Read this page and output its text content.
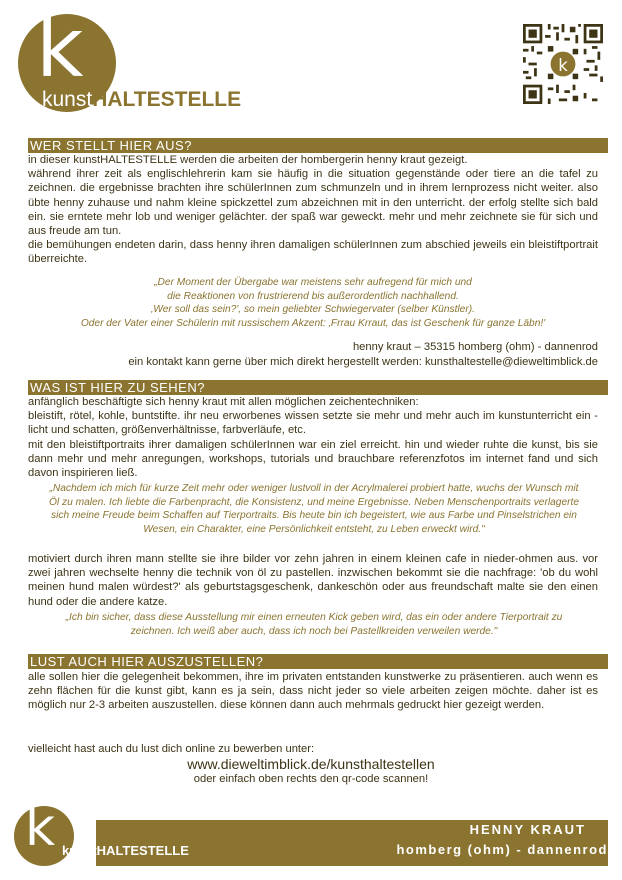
k
kunstHALTESTELLE
k
WER STELLT HIER AUS?

in dieser kunstHALTESTELLE werden die arbeiten der hombergerin henny kraut gezeigt.

während ihrer zeit als englischlehrerin kam sie häufig in die situation gegenstände oder tiere an die tafel zu zeichnen. die ergebnisse brachten ihre schülerInnen zum schmunzeln und in ihrem lernprozess nicht weiter. also übte henny zuhause und nahm kleine spickzettel zum abzeichnen mit in den unterricht. der erfolg stellte sich bald ein. sie erntete mehr lob und weniger gelächter. der spaß war geweckt. mehr und mehr zeichnete sie für sich und aus freude am tun.

die bemühungen endeten darin, dass henny ihren damaligen schülerInnen zum abschied jeweils ein bleistiftportrait überreichte.

„Der Moment der Übergabe war meistens sehr aufregend für mich und

die Reaktionen von frustrierend bis außerordentlich nachhallend.

‚Wer soll das sein?', so mein geliebter Schwiegervater (selber Künstler).

Oder der Vater einer Schülerin mit russischem Akzent: ‚Frrau Krraut, das ist Geschenk für ganze Läbn!'

henny kraut – 35315 homberg (ohm) - dannenrod
ein kontakt kann gerne über mich direkt hergestellt werden: kunsthaltestelle@dieweltimblick.de
WAS IST HIER ZU SEHEN?

anfänglich beschäftigte sich henny kraut mit allen möglichen zeichentechniken:

bleistift, rötel, kohle, buntstifte. ihr neu erworbenes wissen setzte sie mehr und mehr auch im kunstunterricht ein - licht und schatten, größenverhältnisse, farbverläufe, etc.

mit den bleistiftportraits ihrer damaligen schülerInnen war ein ziel erreicht. hin und wieder ruhte die kunst, bis sie dann mehr und mehr anregungen, workshops, tutorials und brauchbare referenzfotos im internet fand und sich davon inspirieren ließ.

„Nachdem ich mich für kurze Zeit mehr oder weniger lustvoll in der Acrylmalerei probiert hatte, wuchs der Wunsch mit Öl zu malen. Ich liebte die Farbenpracht, die Konsistenz, und meine Ergebnisse. Neben Menschenportraits verlagerte sich meine Freude beim Schaffen auf Tierportraits. Bis heute bin ich begeistert, wie aus Farbe und Pinselstrichen ein Wesen, ein Charakter, eine Persönlichkeit entsteht, zu Leben erweckt wird."
motiviert durch ihren mann stellte sie ihre bilder vor zehn jahren in einem kleinen cafe in nieder-ohmen aus. vor zwei jahren wechselte henny die technik von öl zu pastellen. inzwischen bekommt sie die nachfrage: 'ob du wohl meinen hund malen würdest?' als geburtstagsgeschenk, dankeschön oder aus freundschaft malte sie den einen hund oder die andere katze.
„Ich bin sicher, dass diese Ausstellung mir einen erneuten Kick geben wird, das ein oder andere Tierportrait zu zeichnen. Ich weiß aber auch, dass ich noch bei Pastellkreiden verweilen werde."
LUST AUCH HIER AUSZUSTELLEN?
alle sollen hier die gelegenheit bekommen, ihre im privaten entstanden kunstwerke zu präsentieren. auch wenn es zehn flächen für die kunst gibt, kann es ja sein, dass nicht jeder so viele arbeiten zeigen möchte. daher ist es möglich nur 2-3 arbeiten auszustellen. diese können dann auch mehrmals gedruckt hier gezeigt werden.
vielleicht hast auch du lust dich online zu bewerben unter:
www.dieweltimblick.de/kunsthaltestellen
oder einfach oben rechts den qr-code scannen!
k kunstHALTESTELLE
HENNY KRAUT
homberg (ohm) - dannenrod
